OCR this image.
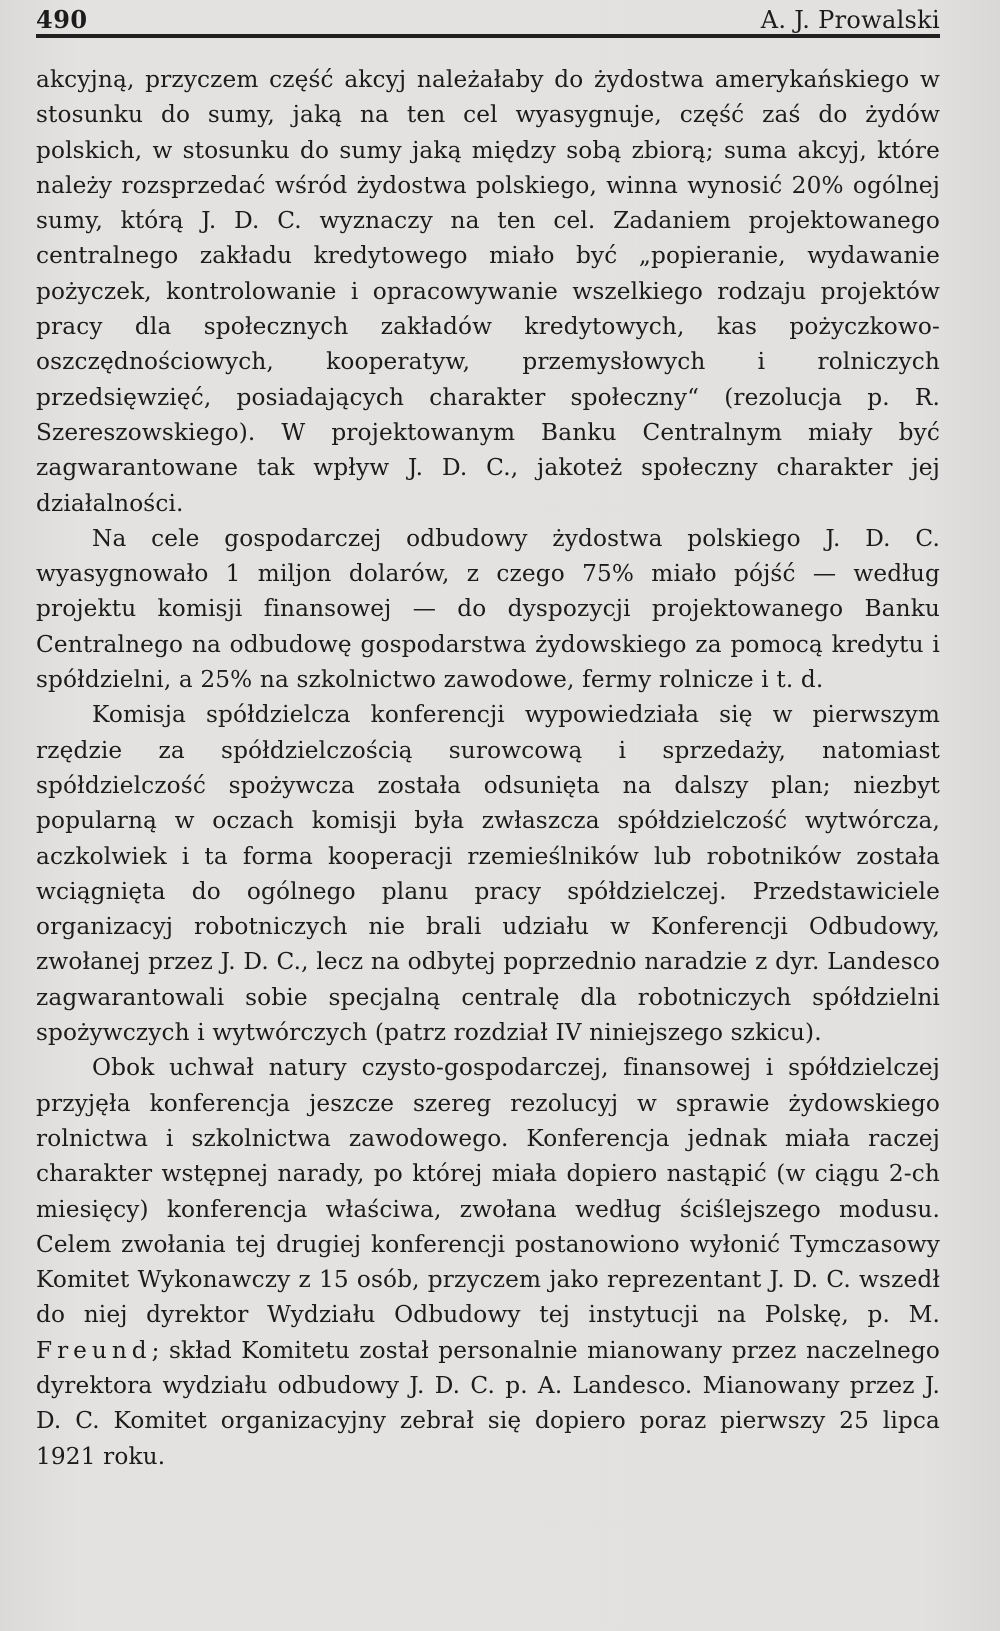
490	A. J. Prowalski

akcyjną, przyczem część akcyj należałaby do żydostwa amerykańskiego w stosunku do sumy, jaką na ten cel wyasygnuje, część zaś do żydów polskich, w stosunku do sumy jaką między sobą zbiorą; suma akcyj, które należy rozsprzedać wśród żydostwa polskiego, winna wynosić 20% ogólnej sumy, którą J. D. C. wyznaczy na ten cel. Zadaniem projektowanego centralnego zakładu kredytowego miało być „popieranie, wydawanie pożyczek, kontrolowanie i opracowywanie wszelkiego rodzaju projektów pracy dla społecznych zakładów kredytowych, kas pożyczkowo-oszczędnościowych, kooperatyw, przemysłowych i rolniczych przedsięwzięć, posiadających charakter społeczny“ (rezolucja p. R. Szereszowskiego). W projektowanym Banku Centralnym miały być zagwarantowane tak wpływ J. D. C., jakoteż społeczny charakter jej działalności.

Na cele gospodarczej odbudowy żydostwa polskiego J. D. C. wyasygnowało 1 miljon dolarów, z czego 75% miało pójść — według projektu komisji finansowej — do dyspozycji projektowanego Banku Centralnego na odbudowę gospodarstwa żydowskiego za pomocą kredytu i spółdzielni, a 25% na szkolnictwo zawodowe, fermy rolnicze i t. d.

Komisja spółdzielcza konferencji wypowiedziała się w pierwszym rzędzie za spółdzielczością surowcową i sprzedaży, natomiast spółdzielczość spożywcza została odsunięta na dalszy plan; niezbyt popularną w oczach komisji była zwłaszcza spółdzielczość wytwórcza, aczkolwiek i ta forma kooperacji rzemieślników lub robotników została wciągnięta do ogólnego planu pracy spółdzielczej. Przedstawiciele organizacyj robotniczych nie brali udziału w Konferencji Odbudowy, zwołanej przez J. D. C., lecz na odbytej poprzednio naradzie z dyr. Landesco zagwarantowali sobie specjalną centralę dla robotniczych spółdzielni spożywczych i wytwórczych (patrz rozdział IV niniejszego szkicu).

Obok uchwał natury czysto-gospodarczej, finansowej i spółdzielczej przyjęła konferencja jeszcze szereg rezolucyj w sprawie żydowskiego rolnictwa i szkolnictwa zawodowego. Konferencja jednak miała raczej charakter wstępnej narady, po której miała dopiero nastąpić (w ciągu 2-ch miesięcy) konferencja właściwa, zwołana według ściślejszego modusu. Celem zwołania tej drugiej konferencji postanowiono wyłonić Tymczasowy Komitet Wykonawczy z 15 osób, przyczem jako reprezentant J. D. C. wszedł do niej dyrektor Wydziału Odbudowy tej instytucji na Polskę, p. M. Freund; skład Komitetu został personalnie mianowany przez naczelnego dyrektora wydziału odbudowy J. D. C. p. A. Landesco. Mianowany przez J. D. C. Komitet organizacyjny zebrał się dopiero poraz pierwszy 25 lipca 1921 roku.
